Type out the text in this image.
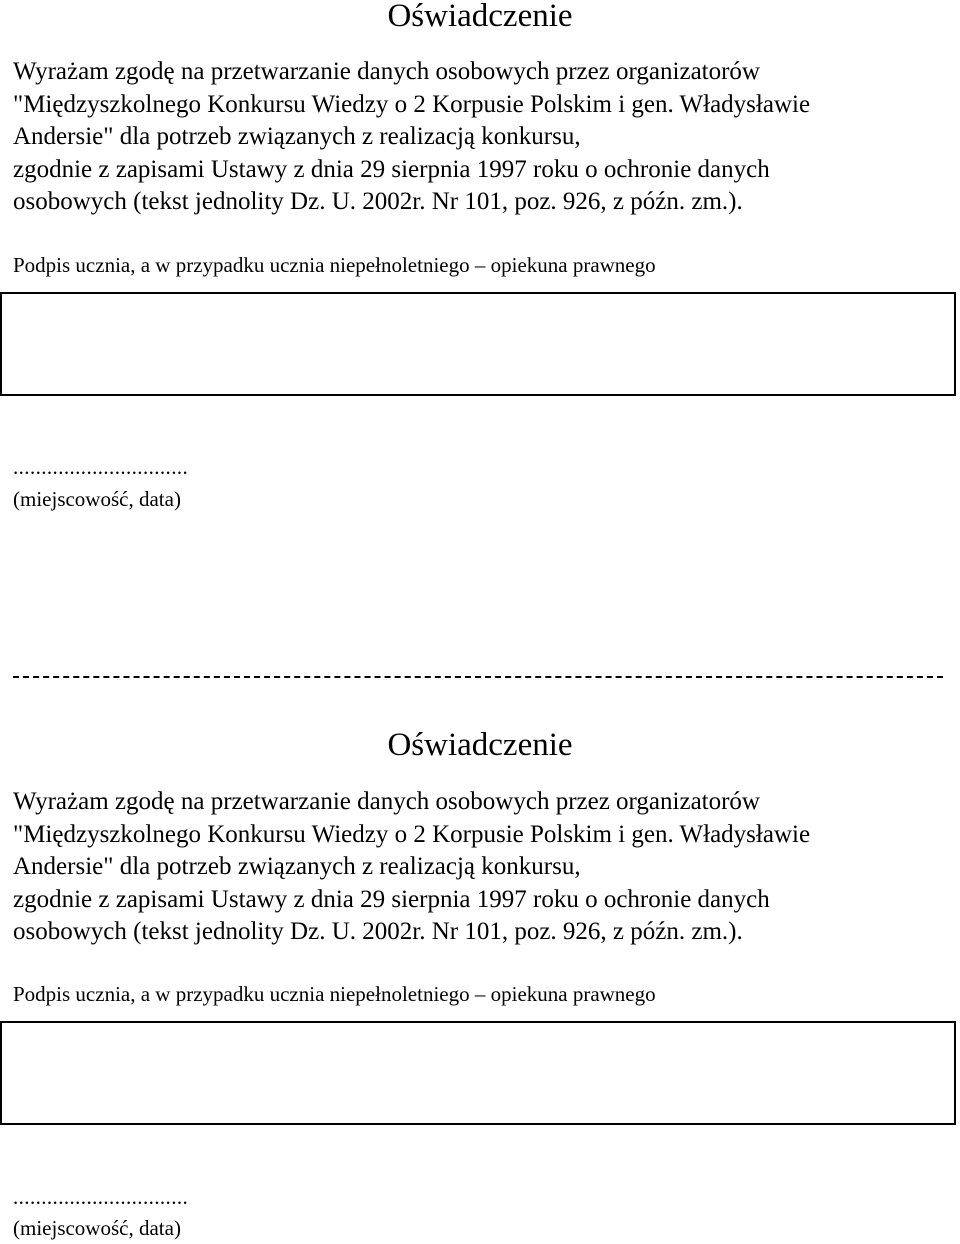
Oświadczenie
Wyrażam zgodę na przetwarzanie danych osobowych przez organizatorów
"Międzyszkolnego Konkursu Wiedzy o 2 Korpusie Polskim i gen. Władysławie
Andersie" dla potrzeb związanych z realizacją konkursu,
zgodnie z zapisami Ustawy z dnia 29 sierpnia 1997 roku o ochronie danych
osobowych (tekst jednolity Dz. U. 2002r. Nr 101, poz. 926, z późn. zm.).
Podpis ucznia, a w przypadku ucznia niepełnoletniego – opiekuna prawnego
...............................
(miejscowość, data)
Oświadczenie
Wyrażam zgodę na przetwarzanie danych osobowych przez organizatorów
"Międzyszkolnego Konkursu Wiedzy o 2 Korpusie Polskim i gen. Władysławie
Andersie" dla potrzeb związanych z realizacją konkursu,
zgodnie z zapisami Ustawy z dnia 29 sierpnia 1997 roku o ochronie danych
osobowych (tekst jednolity Dz. U. 2002r. Nr 101, poz. 926, z późn. zm.).
Podpis ucznia, a w przypadku ucznia niepełnoletniego – opiekuna prawnego
...............................
(miejscowość, data)
